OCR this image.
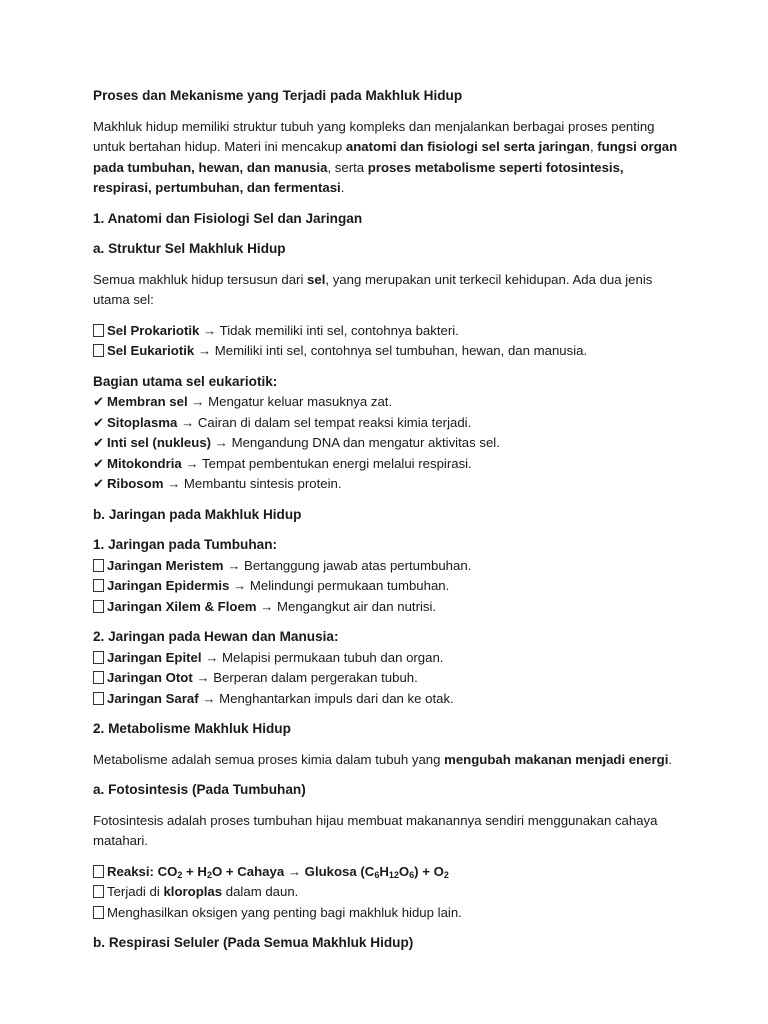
Proses dan Mekanisme yang Terjadi pada Makhluk Hidup

Makhluk hidup memiliki struktur tubuh yang kompleks dan menjalankan berbagai proses penting untuk bertahan hidup. Materi ini mencakup anatomi dan fisiologi sel serta jaringan, fungsi organ pada tumbuhan, hewan, dan manusia, serta proses metabolisme seperti fotosintesis, respirasi, pertumbuhan, dan fermentasi.

1. Anatomi dan Fisiologi Sel dan Jaringan

a. Struktur Sel Makhluk Hidup

Semua makhluk hidup tersusun dari sel, yang merupakan unit terkecil kehidupan. Ada dua jenis utama sel:

Sel Prokariotik → Tidak memiliki inti sel, contohnya bakteri.

Sel Eukariotik → Memiliki inti sel, contohnya sel tumbuhan, hewan, dan manusia.

Bagian utama sel eukariotik:

✔ Membran sel → Mengatur keluar masuknya zat.

✔ Sitoplasma → Cairan di dalam sel tempat reaksi kimia terjadi.

✔ Inti sel (nukleus) → Mengandung DNA dan mengatur aktivitas sel.

✔ Mitokondria → Tempat pembentukan energi melalui respirasi.

✔ Ribosom → Membantu sintesis protein.

b. Jaringan pada Makhluk Hidup

1. Jaringan pada Tumbuhan:

Jaringan Meristem → Bertanggung jawab atas pertumbuhan.

Jaringan Epidermis → Melindungi permukaan tumbuhan.

Jaringan Xilem & Floem → Mengangkut air dan nutrisi.

2. Jaringan pada Hewan dan Manusia:

Jaringan Epitel → Melapisi permukaan tubuh dan organ.

Jaringan Otot → Berperan dalam pergerakan tubuh.

Jaringan Saraf → Menghantarkan impuls dari dan ke otak.

2. Metabolisme Makhluk Hidup

Metabolisme adalah semua proses kimia dalam tubuh yang mengubah makanan menjadi energi.

a. Fotosintesis (Pada Tumbuhan)

Fotosintesis adalah proses tumbuhan hijau membuat makanannya sendiri menggunakan cahaya matahari.

Reaksi: $CO_2 + H_2O$ + Cahaya → Glukosa $(C_6H_{12}O_6) + O_2$

Terjadi di kloroplas dalam daun.

Menghasilkan oksigen yang penting bagi makhluk hidup lain.

b. Respirasi Seluler (Pada Semua Makhluk Hidup)
